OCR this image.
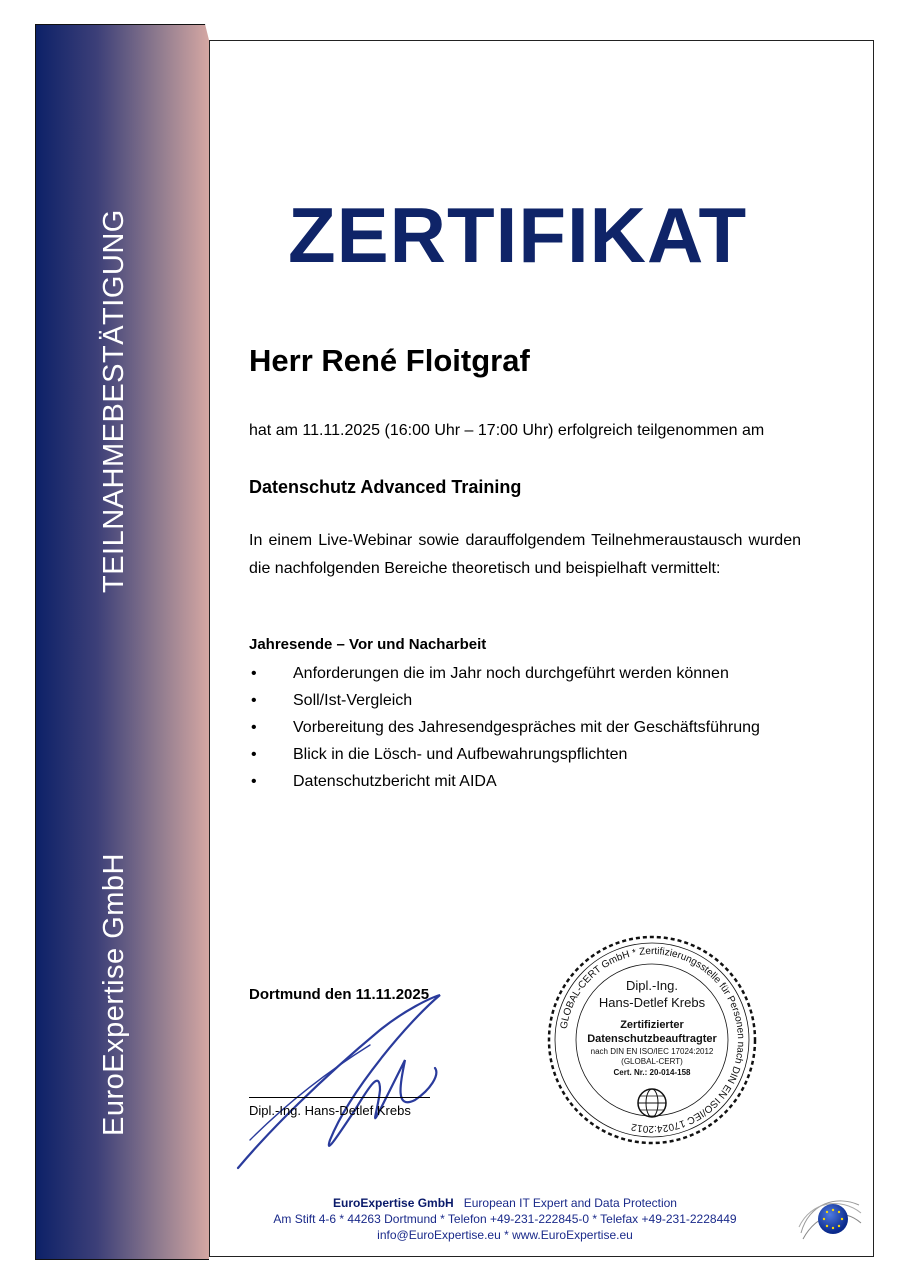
TEILNAHMEBESTÄTIGUNG
EuroExpertise GmbH
ZERTIFIKAT
Herr René Floitgraf
hat am 11.11.2025 (16:00 Uhr – 17:00 Uhr) erfolgreich teilgenommen am
Datenschutz Advanced Training
In einem Live-Webinar sowie darauffolgendem Teilnehmeraustausch wurden die nachfolgenden Bereiche theoretisch und beispielhaft vermittelt:
Jahresende – Vor und Nacharbeit
• Anforderungen die im Jahr noch durchgeführt werden können
• Soll/Ist-Vergleich
• Vorbereitung des Jahresendgespräches mit der Geschäftsführung
• Blick in die Lösch- und Aufbewahrungspflichten
• Datenschutzbericht mit AIDA
Dortmund den 11.11.2025
Dipl.-Ing. Hans-Detlef Krebs
GLOBAL-CERT GmbH * Zertifizierungsstelle für Personen nach DIN EN ISO/IEC 17024:2012
Dipl.-Ing.
Hans-Detlef Krebs
Zertifizierter
Datenschutzbeauftragter
nach DIN EN ISO/IEC 17024:2012
(GLOBAL-CERT)
Cert. Nr.: 20-014-158
EuroExpertise GmbH European IT Expert and Data Protection
Am Stift 4-6 * 44263 Dortmund * Telefon +49-231-222845-0 * Telefax +49-231-2228449
info@EuroExpertise.eu * www.EuroExpertise.eu
